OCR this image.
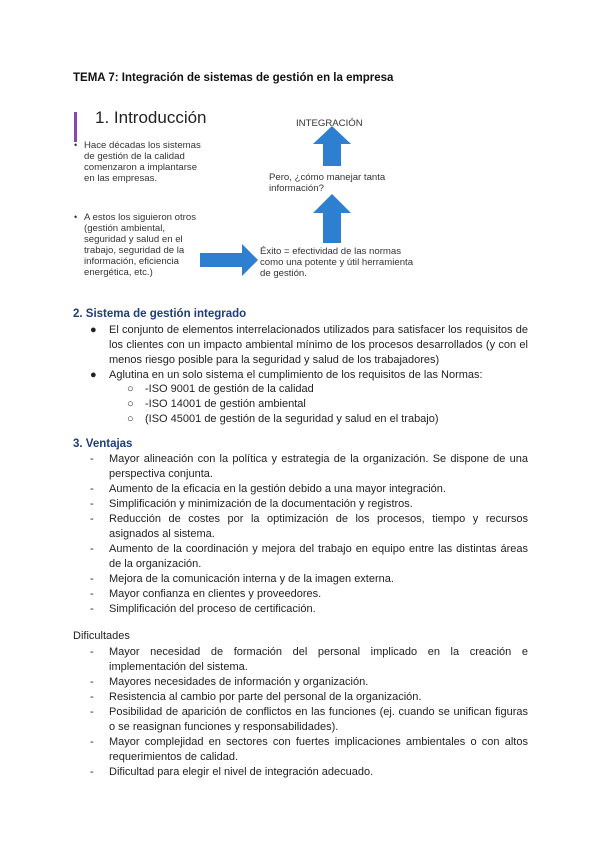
TEMA 7: Integración de sistemas de gestión en la empresa
1. Introducción
• Hace décadas los sistemas de gestión de la calidad comenzaron a implantarse en las empresas.
• A estos los siguieron otros (gestión ambiental, seguridad y salud en el trabajo, seguridad de la información, eficiencia energética, etc.)
INTEGRACIÓN
Pero, ¿cómo manejar tanta información?
Éxito = efectividad de las normas como una potente y útil herramienta de gestión.
2. Sistema de gestión integrado
● El conjunto de elementos interrelacionados utilizados para satisfacer los requisitos de los clientes con un impacto ambiental mínimo de los procesos desarrollados (y con el menos riesgo posible para la seguridad y salud de los trabajadores)
● Aglutina en un solo sistema el cumplimiento de los requisitos de las Normas:
○ -ISO 9001 de gestión de la calidad
○ -ISO 14001 de gestión ambiental
○ (ISO 45001 de gestión de la seguridad y salud en el trabajo)
3. Ventajas
- Mayor alineación con la política y estrategia de la organización. Se dispone de una perspectiva conjunta.
- Aumento de la eficacia en la gestión debido a una mayor integración.
- Simplificación y minimización de la documentación y registros.
- Reducción de costes por la optimización de los procesos, tiempo y recursos asignados al sistema.
- Aumento de la coordinación y mejora del trabajo en equipo entre las distintas áreas de la organización.
- Mejora de la comunicación interna y de la imagen externa.
- Mayor confianza en clientes y proveedores.
- Simplificación del proceso de certificación.
Dificultades
- Mayor necesidad de formación del personal implicado en la creación e implementación del sistema.
- Mayores necesidades de información y organización.
- Resistencia al cambio por parte del personal de la organización.
- Posibilidad de aparición de conflictos en las funciones (ej. cuando se unifican figuras o se reasignan funciones y responsabilidades).
- Mayor complejidad en sectores con fuertes implicaciones ambientales o con altos requerimientos de calidad.
- Dificultad para elegir el nivel de integración adecuado.
